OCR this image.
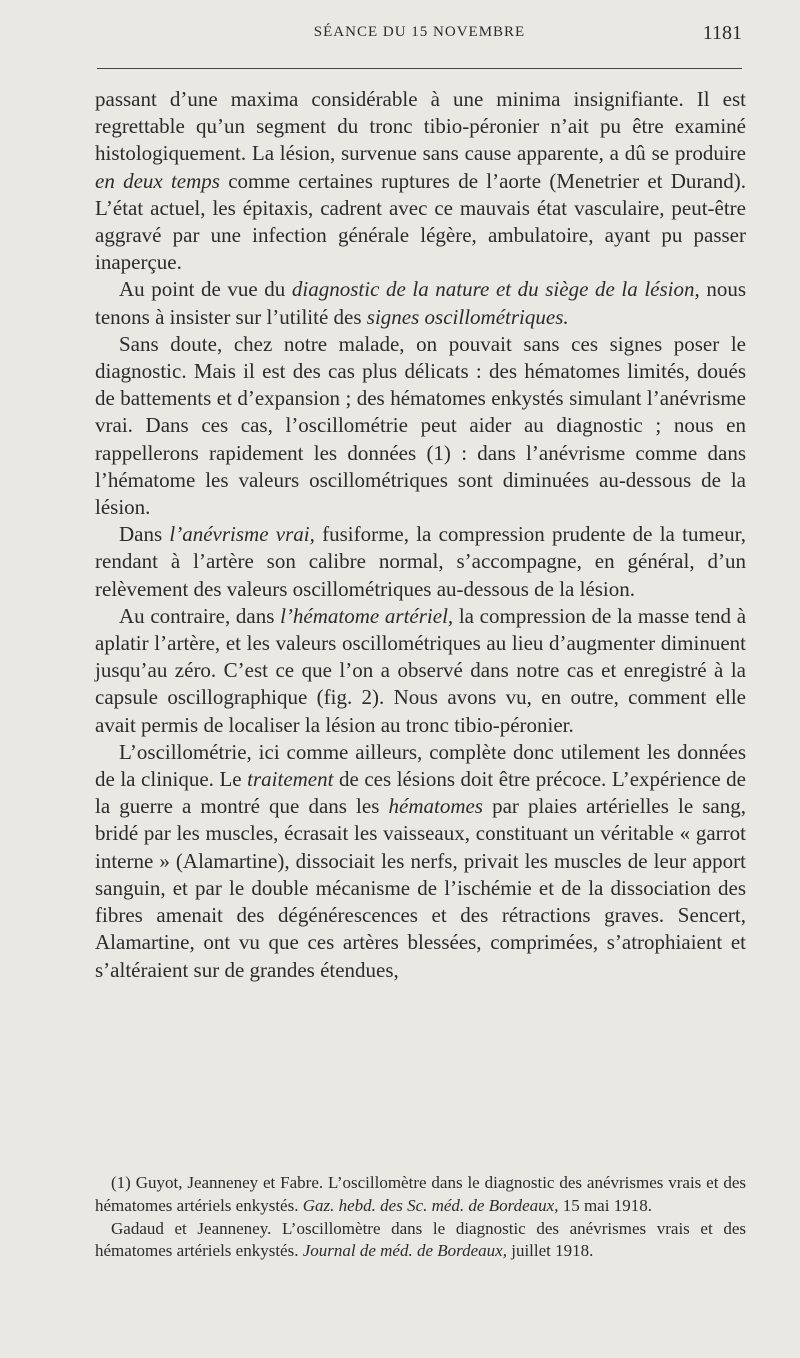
SÉANCE DU 15 NOVEMBRE	1181

passant d’une maxima considérable à une minima insignifiante. Il est regrettable qu’un segment du tronc tibio-péronier n’ait pu être examiné histologiquement. La lésion, survenue sans cause apparente, a dû se produire en deux temps comme certaines ruptures de l’aorte (Menetrier et Durand). L’état actuel, les épitaxis, cadrent avec ce mauvais état vasculaire, peut-être aggravé par une infection générale légère, ambulatoire, ayant pu passer inaperçue.

Au point de vue du diagnostic de la nature et du siège de la lésion, nous tenons à insister sur l’utilité des signes oscillométriques.

Sans doute, chez notre malade, on pouvait sans ces signes poser le diagnostic. Mais il est des cas plus délicats : des hématomes limités, doués de battements et d’expansion ; des hématomes enkystés simulant l’anévrisme vrai. Dans ces cas, l’oscillométrie peut aider au diagnostic ; nous en rappellerons rapidement les données (1) : dans l’anévrisme comme dans l’hématome les valeurs oscillométriques sont diminuées au-dessous de la lésion.

Dans l’anévrisme vrai, fusiforme, la compression prudente de la tumeur, rendant à l’artère son calibre normal, s’accompagne, en général, d’un relèvement des valeurs oscillométriques au-dessous de la lésion.

Au contraire, dans l’hématome artériel, la compression de la masse tend à aplatir l’artère, et les valeurs oscillométriques au lieu d’augmenter diminuent jusqu’au zéro. C’est ce que l’on a observé dans notre cas et enregistré à la capsule oscillographique (fig. 2). Nous avons vu, en outre, comment elle avait permis de localiser la lésion au tronc tibio-péronier.

L’oscillométrie, ici comme ailleurs, complète donc utilement les données de la clinique. Le traitement de ces lésions doit être précoce. L’expérience de la guerre a montré que dans les hématomes par plaies artérielles le sang, bridé par les muscles, écrasait les vaisseaux, constituant un véritable « garrot interne » (Alamartine), dissociait les nerfs, privait les muscles de leur apport sanguin, et par le double mécanisme de l’ischémie et de la dissociation des fibres amenait des dégénérescences et des rétractions graves. Sencert, Alamartine, ont vu que ces artères blessées, comprimées, s’atrophiaient et s’altéraient sur de grandes étendues,

(1) Guyot, Jeanneney et Fabre. L’oscillomètre dans le diagnostic des anévrismes vrais et des hématomes artériels enkystés. Gaz. hebd. des Sc. méd. de Bordeaux, 15 mai 1918.

Gadaud et Jeanneney. L’oscillomètre dans le diagnostic des anévrismes vrais et des hématomes artériels enkystés. Journal de méd. de Bordeaux, juillet 1918.
